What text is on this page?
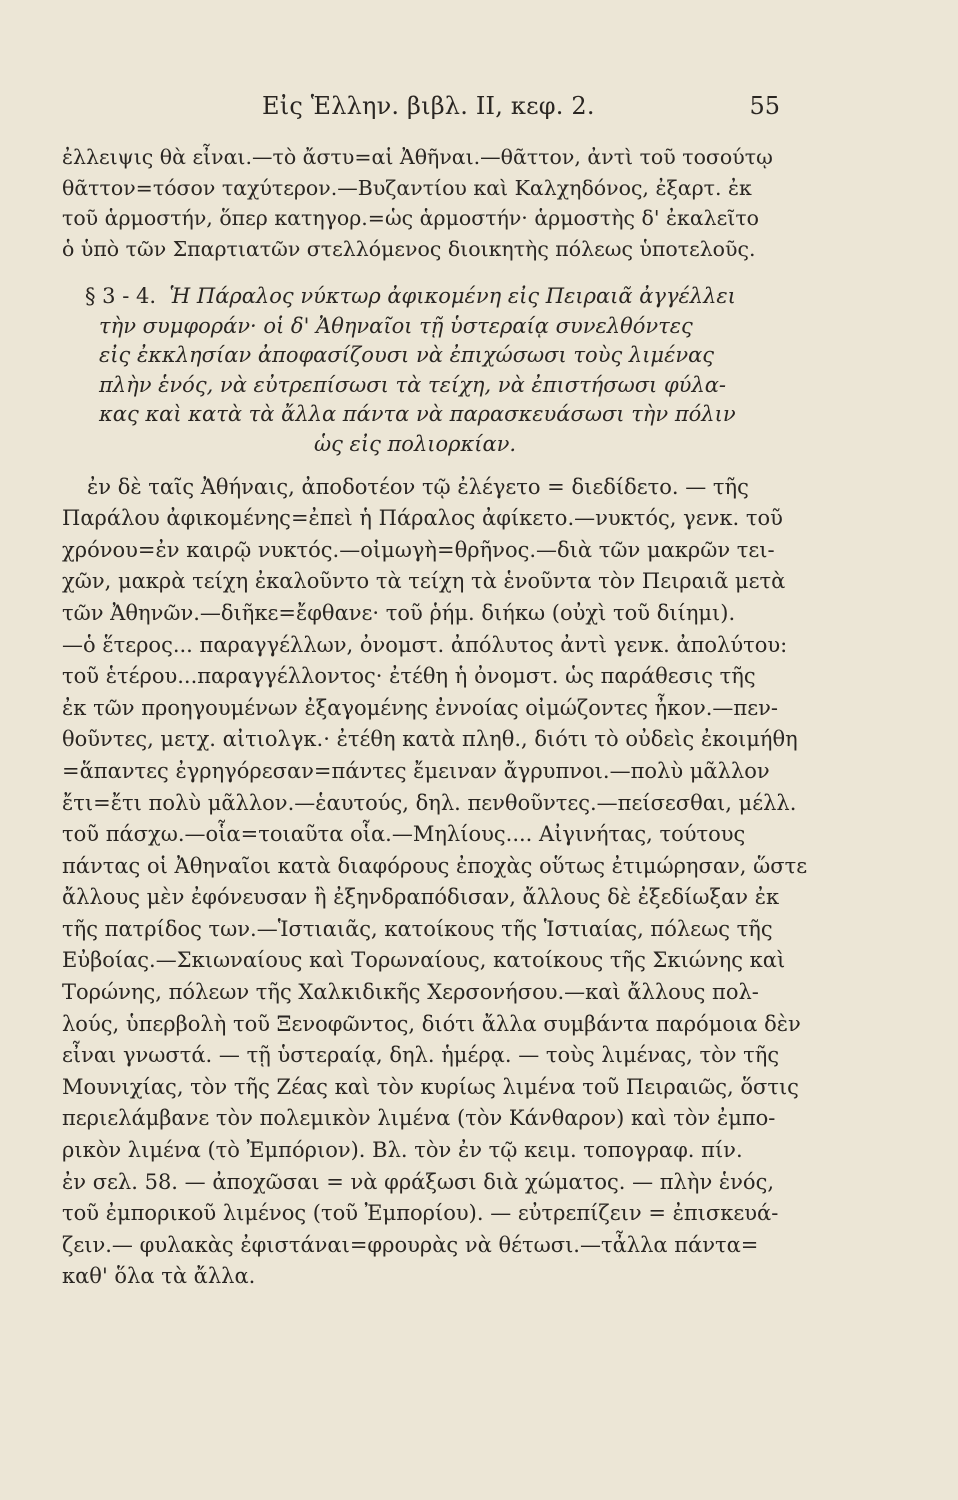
Εἰς Ἑλλην. βιβλ. II, κεφ. 2.	55
ἐλλειψις θὰ εἶναι.—τὸ ἄστυ=αἱ Ἀθῆναι.—θᾶττον, ἀντὶ τοῦ τοσούτῳ
θᾶττον=τόσον ταχύτερον.—Βυζαντίου καὶ Καλχηδόνος, ἐξαρτ. ἐκ
τοῦ ἁρμοστήν, ὅπερ κατηγορ.=ὡς ἁρμοστήν· ἁρμοστὴς δ' ἐκαλεῖτο
ὁ ὑπὸ τῶν Σπαρτιατῶν στελλόμενος διοικητὴς πόλεως ὑποτελοῦς.
§ 3 - 4. Ἡ Πάραλος νύκτωρ ἀφικομένη εἰς Πειραιᾶ ἀγγέλλει
τὴν συμφοράν· οἱ δ' Ἀθηναῖοι τῇ ὑστεραίᾳ συνελθόντες
εἰς ἐκκλησίαν ἀποφασίζουσι νὰ ἐπιχώσωσι τοὺς λιμένας
πλὴν ἑνός, νὰ εὐτρεπίσωσι τὰ τείχη, νὰ ἐπιστήσωσι φύλα-
κας καὶ κατὰ τὰ ἄλλα πάντα νὰ παρασκευάσωσι τὴν πόλιν
ὡς εἰς πολιορκίαν.
ἐν δὲ ταῖς Ἀθήναις, ἀποδοτέον τῷ ἐλέγετο = διεδίδετο. — τῆς
Παράλου ἀφικομένης=ἐπεὶ ἡ Πάραλος ἀφίκετο.—νυκτός, γενκ. τοῦ
χρόνου=ἐν καιρῷ νυκτός.—οἰμωγὴ=θρῆνος.—διὰ τῶν μακρῶν τει-
χῶν, μακρὰ τείχη ἐκαλοῦντο τὰ τείχη τὰ ἑνοῦντα τὸν Πειραιᾶ μετὰ
τῶν Ἀθηνῶν.—διῆκε=ἔφθανε· τοῦ ῥήμ. διήκω (οὐχὶ τοῦ διίημι).
—ὁ ἕτερος... παραγγέλλων, ὀνομστ. ἀπόλυτος ἀντὶ γενκ. ἀπολύτου:
τοῦ ἑτέρου...παραγγέλλοντος· ἐτέθη ἡ ὀνομστ. ὡς παράθεσις τῆς
ἐκ τῶν προηγουμένων ἐξαγομένης ἐννοίας οἰμώζοντες ἦκον.—πεν-
θοῦντες, μετχ. αἰτιολγκ.· ἐτέθη κατὰ πληθ., διότι τὸ οὐδεὶς ἐκοιμήθη
=ἅπαντες ἐγρηγόρεσαν=πάντες ἔμειναν ἄγρυπνοι.—πολὺ μᾶλλον
ἔτι=ἔτι πολὺ μᾶλλον.—ἑαυτούς, δηλ. πενθοῦντες.—πείσεσθαι, μέλλ.
τοῦ πάσχω.—οἷα=τοιαῦτα οἷα.—Μηλίους.... Αἰγινήτας, τούτους
πάντας οἱ Ἀθηναῖοι κατὰ διαφόρους ἐποχὰς οὕτως ἐτιμώρησαν, ὥστε
ἄλλους μὲν ἐφόνευσαν ἢ ἐξηνδραπόδισαν, ἄλλους δὲ ἐξεδίωξαν ἐκ
τῆς πατρίδος των.—Ἱστιαιᾶς, κατοίκους τῆς Ἱστιαίας, πόλεως τῆς
Εὐβοίας.—Σκιωναίους καὶ Τορωναίους, κατοίκους τῆς Σκιώνης καὶ
Τορώνης, πόλεων τῆς Χαλκιδικῆς Χερσονήσου.—καὶ ἄλλους πολ-
λούς, ὑπερβολὴ τοῦ Ξενοφῶντος, διότι ἄλλα συμβάντα παρόμοια δὲν
εἶναι γνωστά. — τῇ ὑστεραίᾳ, δηλ. ἡμέρᾳ. — τοὺς λιμένας, τὸν τῆς
Μουνιχίας, τὸν τῆς Ζέας καὶ τὸν κυρίως λιμένα τοῦ Πειραιῶς, ὅστις
περιελάμβανε τὸν πολεμικὸν λιμένα (τὸν Κάνθαρον) καὶ τὸν ἐμπο-
ρικὸν λιμένα (τὸ Ἐμπόριον). Βλ. τὸν ἐν τῷ κειμ. τοπογραφ. πίν.
ἐν σελ. 58. — ἀποχῶσαι = νὰ φράξωσι διὰ χώματος. — πλὴν ἑνός,
τοῦ ἐμπορικοῦ λιμένος (τοῦ Ἐμπορίου). — εὐτρεπίζειν = ἐπισκευά-
ζειν.— φυλακὰς ἐφιστάναι=φρουρὰς νὰ θέτωσι.—τἆλλα πάντα=
καθ' ὅλα τὰ ἄλλα.
